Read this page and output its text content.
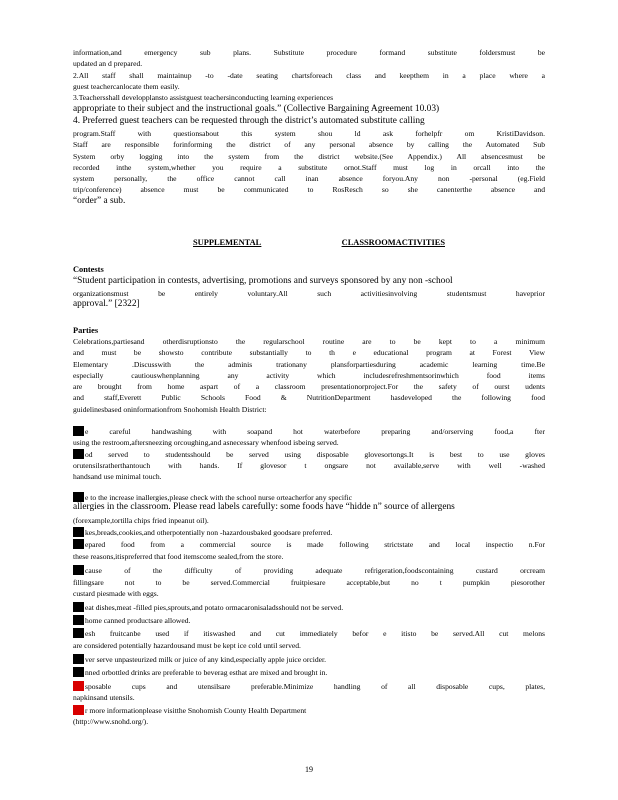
information,and emergency sub plans. Substitute procedure formand substitute foldersmust be
updated an d prepared.
2.All staff shall maintainup -to -date seating chartsforeach class and keepthem in a place where a
guest teachercanlocate them easily.
3.Teachersshall developplansto assistguest teachersinconducting learning experiences
appropriate to their subject and the instructional goals.” (Collective Bargaining Agreement 10.03)
4. Preferred guest teachers can be requested through the district’s automated substitute calling
program.Staff with questionsabout this system shou ld ask forhelpfr om KristiDavidson.
Staff are responsible forinforming the district of any personal absence by calling the Automated Sub
System orby logging into the system from the district website.(See Appendix.) All absencesmust be
recorded inthe system,whether you require a substitute ornot.Staff must log in orcall into the
system personally, the office cannot call inan absence foryou.Any non -personal (eg.Field
trip/conference) absence must be communicated to RosResch so she canenterthe absence and
“order” a sub.
SUPPLEMENTAL	CLASSROOMACTIVITIES
Contests
“Student participation in contests, advertising, promotions and surveys sponsored by any non -school
organizationsmust be entirely voluntary.All such activitiesinvolving studentsmust haveprior
approval.” [2322]
Parties
Celebrations,partiesand otherdisruptionsto the regularschool routine are to be kept to a minimum
and must be showsto contribute substantially to th e educational program at Forest View
Elementary .Discusswith the adminis trationany plansforpartiesduring academic learning time.Be
especially cautiouswhenplanning any activity which includesrefreshmentsorinwhich food items
are brought from home aspart of a classroom presentationorproject.For the safety of ourst udents
and staff,Everett Public Schools Food & NutritionDepartment hasdeveloped the following food
guidelinesbased oninformationfrom Snohomish Health District:
e careful handwashing with soapand hot waterbefore preparing and/orserving food,a fter
using the restroom,aftersneezing orcoughing,and asnecessary whenfood isbeing served.
od served to studentsshould be served using disposable glovesortongs.It is best to use gloves
orutensilsratherthantouch with hands. If glovesor t ongsare not available,serve with well -washed
handsand use minimal touch.
e to the increase inallergies,please check with the school nurse orteacherfor any specific
allergies in the classroom. Please read labels carefully: some foods have “hidde n” source of allergens
(forexample,tortilla chips fried inpeanut oil).
kes,breads,cookies,and otherpotentially non -hazardousbaked goodsare preferred.
epared food from a commercial source is made following strictstate and local inspectio n.For
these reasons,itispreferred that food itemscome sealed,from the store.
cause of the difficulty of providing adequate refrigeration,foodscontaining custard orcream
fillingsare not to be served.Commercial fruitpiesare acceptable,but no t pumpkin piesorother
custard piesmade with eggs.
eat dishes,meat -filled pies,sprouts,and potato ormacaronisaladsshould not be served.
home canned productsare allowed.
esh fruitcanbe used if itiswashed and cut immediately befor e itisto be served.All cut melons
are considered potentially hazardousand must be kept ice cold until served.
ver serve unpasteurized milk or juice of any kind,especially apple juice orcider.
nned orbottled drinks are preferable to beverag esthat are mixed and brought in.
sposable cups and utensilsare preferable.Minimize handling of all disposable cups, plates,
napkinsand utensils.
r more informationplease visitthe Snohomish County Health Department
(http://www.snohd.org/).
19
